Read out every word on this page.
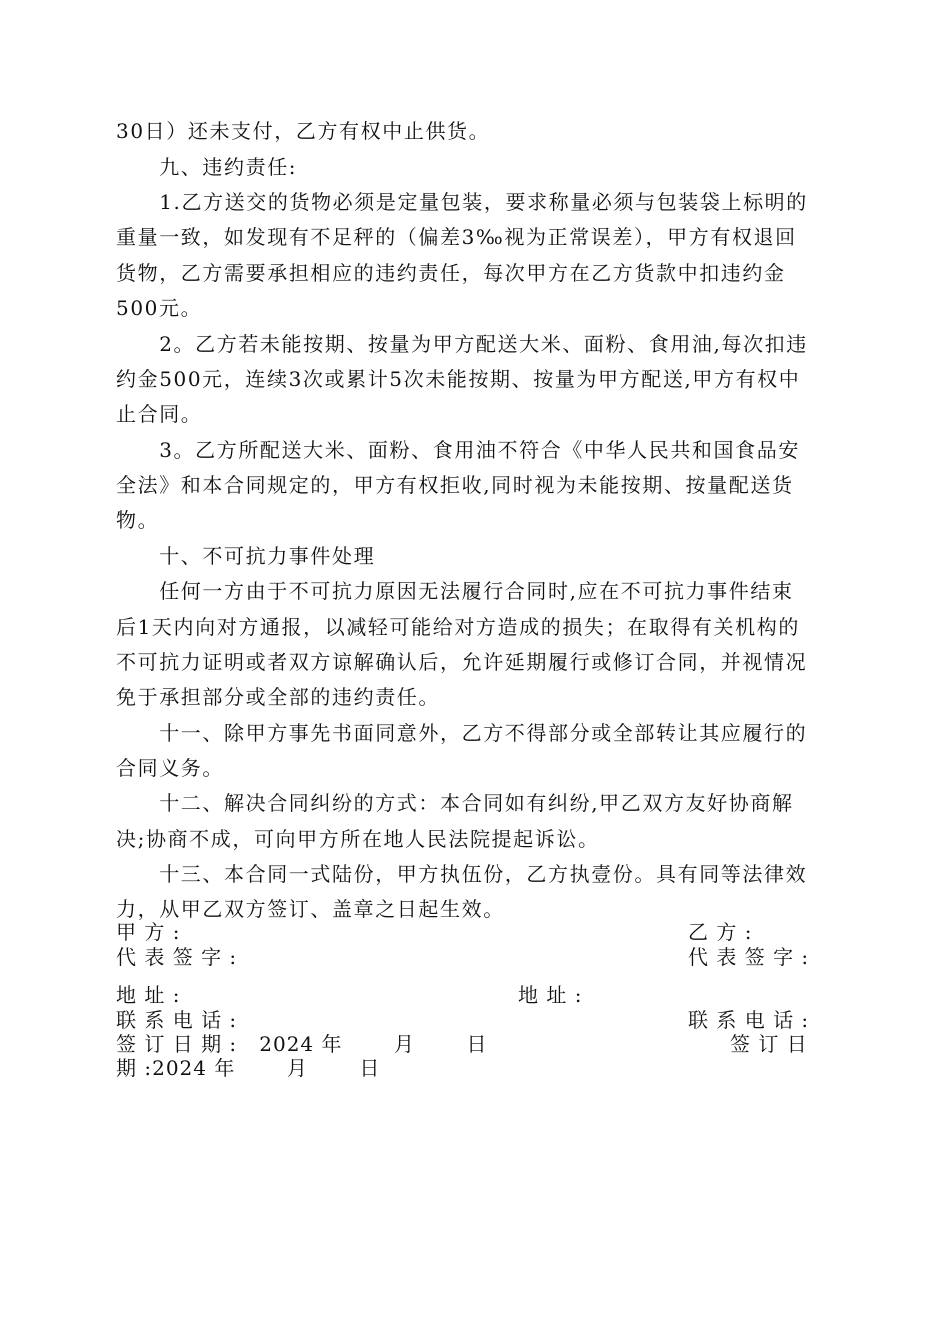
30日）还未支付，乙方有权中止供货。
　　九、违约责任:
　　1.乙方送交的货物必须是定量包装，要求称量必须与包装袋上标明的
重量一致，如发现有不足秤的（偏差3‰视为正常误差），甲方有权退回
货物，乙方需要承担相应的违约责任，每次甲方在乙方货款中扣违约金
500元。
　　2。乙方若未能按期、按量为甲方配送大米、面粉、食用油,每次扣违
约金500元，连续3次或累计5次未能按期、按量为甲方配送,甲方有权中
止合同。
　　3。乙方所配送大米、面粉、食用油不符合《中华人民共和国食品安
全法》和本合同规定的，甲方有权拒收,同时视为未能按期、按量配送货
物。
　　十、不可抗力事件处理
　　任何一方由于不可抗力原因无法履行合同时,应在不可抗力事件结束
后1天内向对方通报，以减轻可能给对方造成的损失；在取得有关机构的
不可抗力证明或者双方谅解确认后，允许延期履行或修订合同，并视情况
免于承担部分或全部的违约责任。
　　十一、除甲方事先书面同意外，乙方不得部分或全部转让其应履行的
合同义务。
　　十二、解决合同纠纷的方式：本合同如有纠纷,甲乙双方友好协商解
决;协商不成，可向甲方所在地人民法院提起诉讼。
　　十三、本合同一式陆份，甲方执伍份，乙方执壹份。具有同等法律效
力，从甲乙双方签订、盖章之日起生效。
甲 方 :	乙 方 :
代 表 签 字 :	代 表 签 字 :
地 址 :	地 址 :
联 系 电 话 :	联 系 电 话 :
签 订 日 期 :   2024 年       月       日	签 订 日
期 :2024 年       月       日
